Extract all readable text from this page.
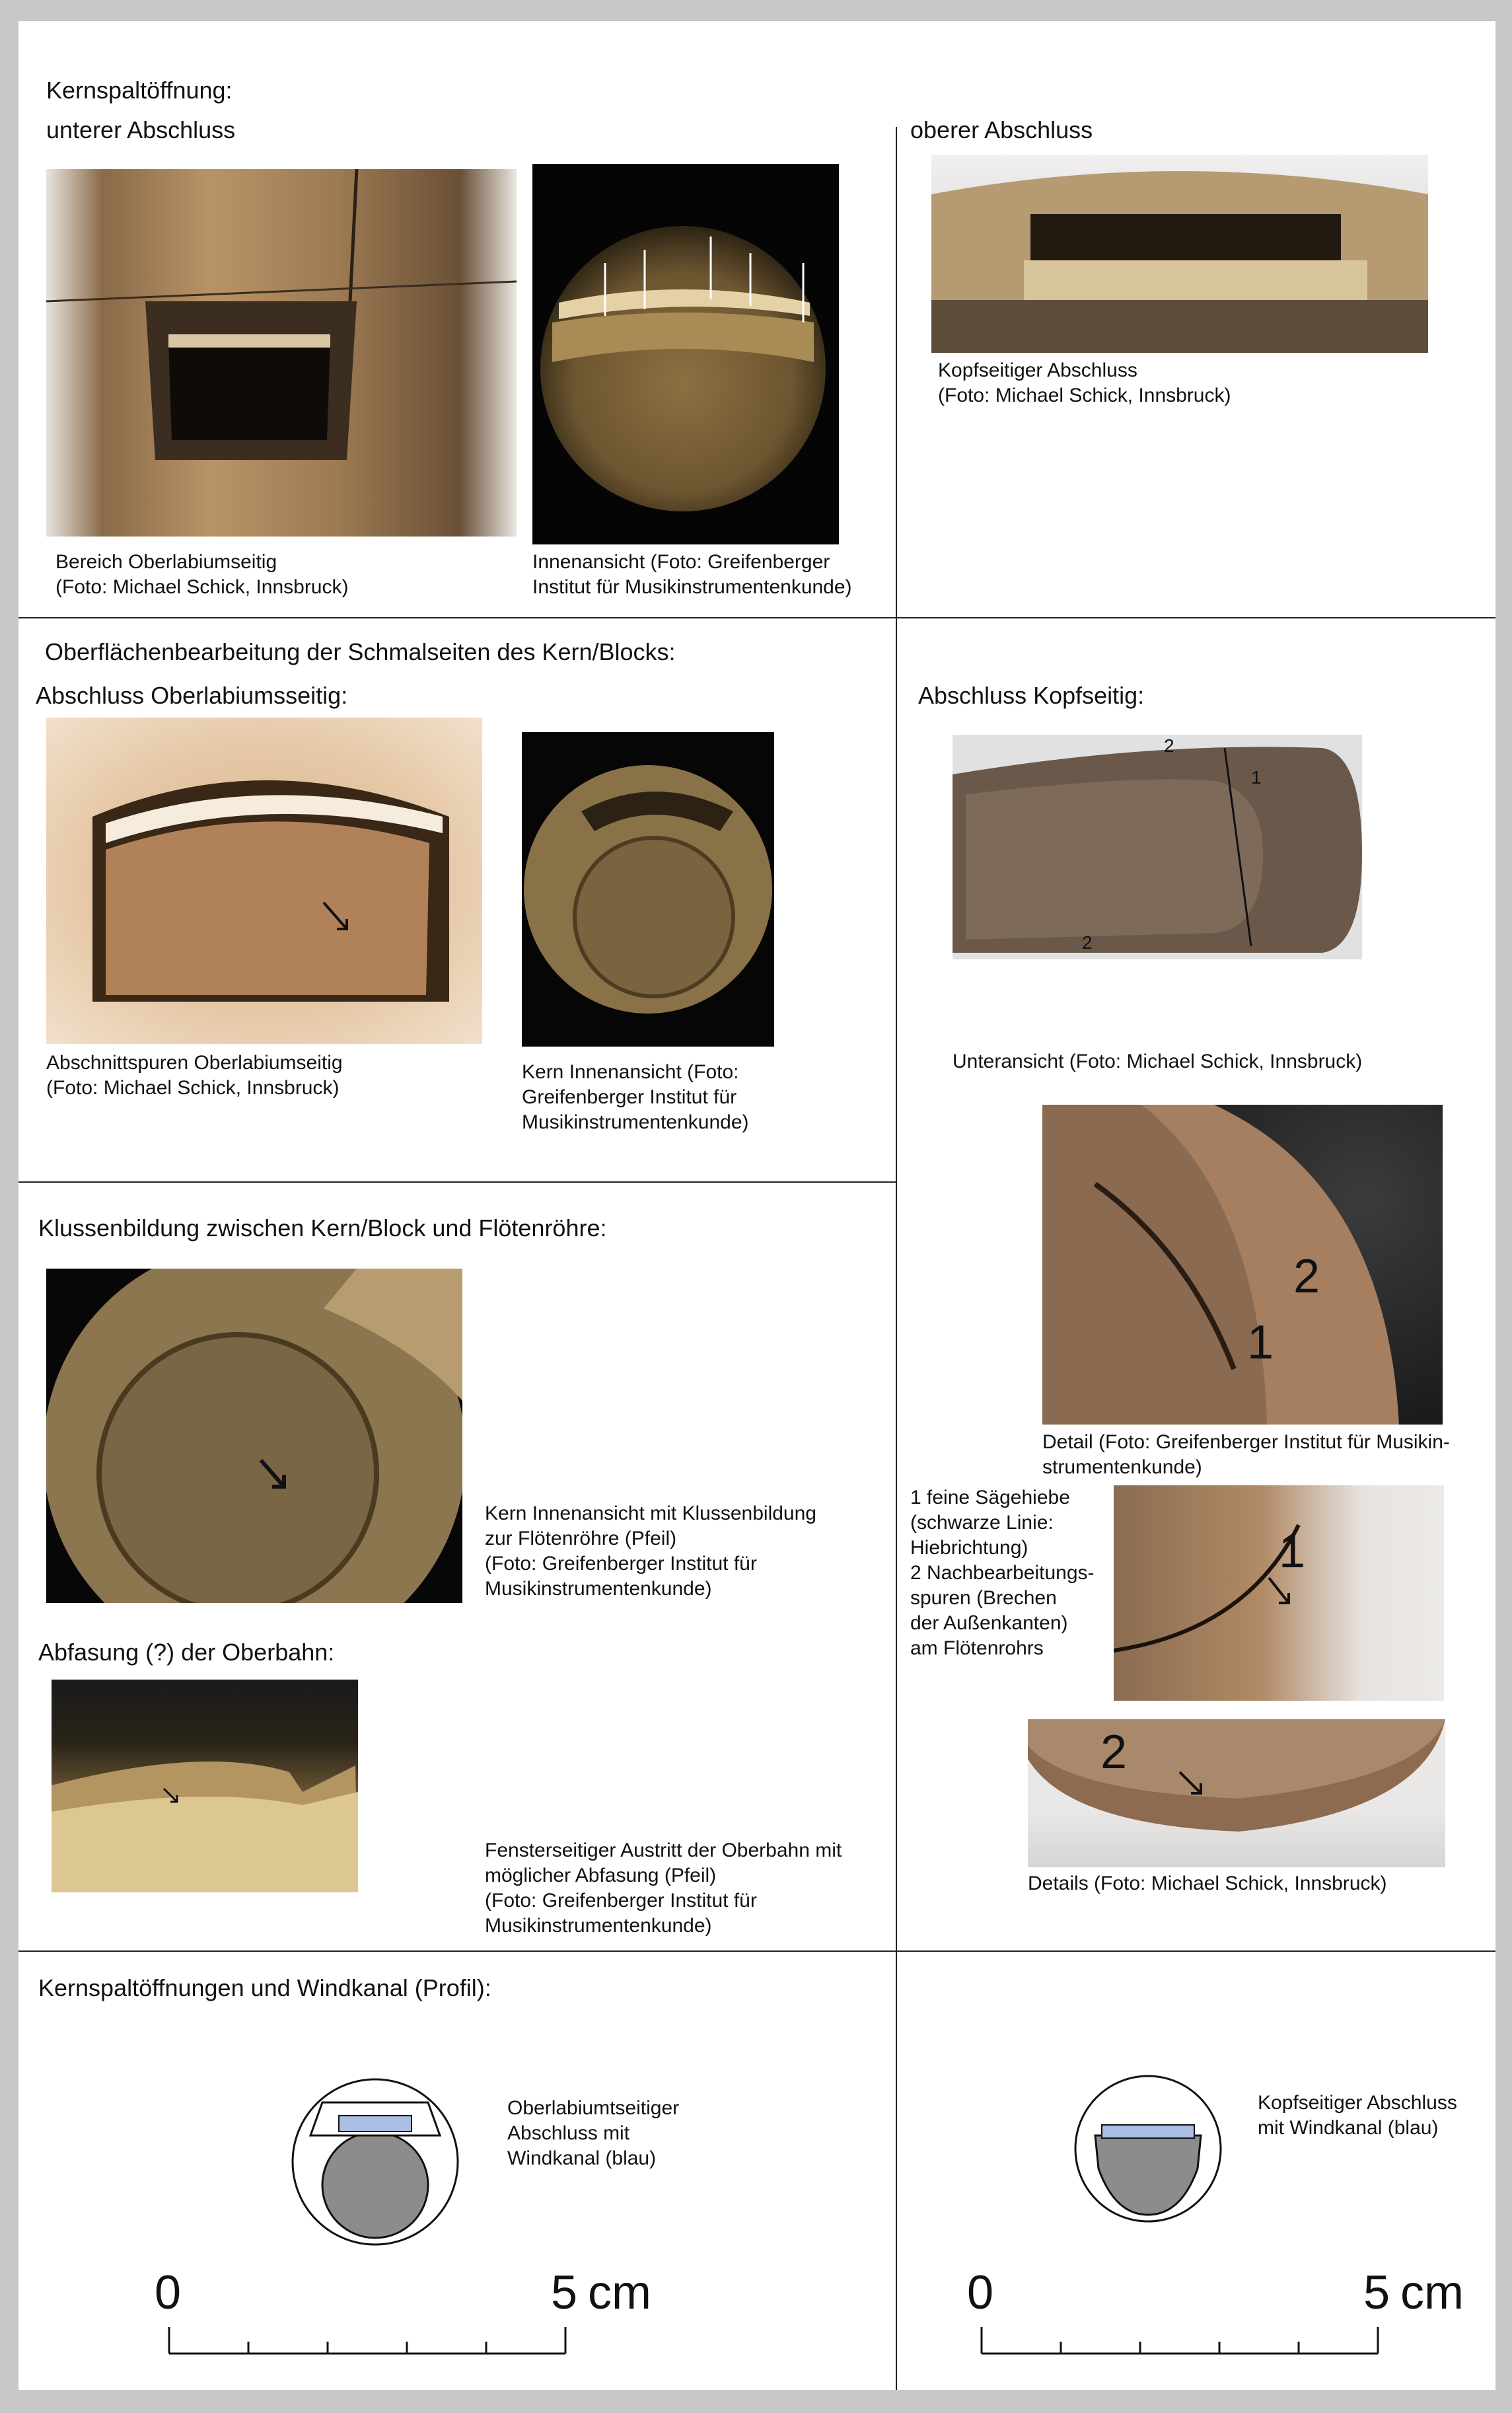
Kernspaltöffnung:
unterer Abschluss	oberer Abschluss
Bereich Oberlabiumseitig
(Foto: Michael Schick, Innsbruck)
Innenansicht (Foto: Greifenberger
Institut für Musikinstrumentenkunde)
Kopfseitiger Abschluss
(Foto: Michael Schick, Innsbruck)
Oberflächenbearbeitung der Schmalseiten des Kern/Blocks:
Abschluss Oberlabiumsseitig:	Abschluss Kopfseitig:
Abschnittspuren Oberlabiumseitig
(Foto: Michael Schick, Innsbruck)
Kern Innenansicht (Foto:
Greifenberger Institut für
Musikinstrumentenkunde)
2
1
2
Unteransicht (Foto: Michael Schick, Innsbruck)
2
1
Detail (Foto: Greifenberger Institut für Musikin-
strumentenkunde)
1 feine Sägehiebe
(schwarze Linie:
Hiebrichtung)
2 Nachbearbeitungs-
spuren (Brechen
der Außenkanten)
am Flötenrohrs
1
2
Details (Foto: Michael Schick, Innsbruck)
Klussenbildung zwischen Kern/Block und Flötenröhre:
Kern Innenansicht mit Klussenbildung
zur Flötenröhre (Pfeil)
(Foto: Greifenberger Institut für
Musikinstrumentenkunde)
Abfasung (?) der Oberbahn:
Fensterseitiger Austritt der Oberbahn mit
möglicher Abfasung (Pfeil)
(Foto: Greifenberger Institut für
Musikinstrumentenkunde)
Kernspaltöffnungen und Windkanal (Profil):
Oberlabiumtseitiger
Abschluss mit
Windkanal (blau)
Kopfseitiger Abschluss
mit Windkanal (blau)
0	5 cm	0	5 cm
